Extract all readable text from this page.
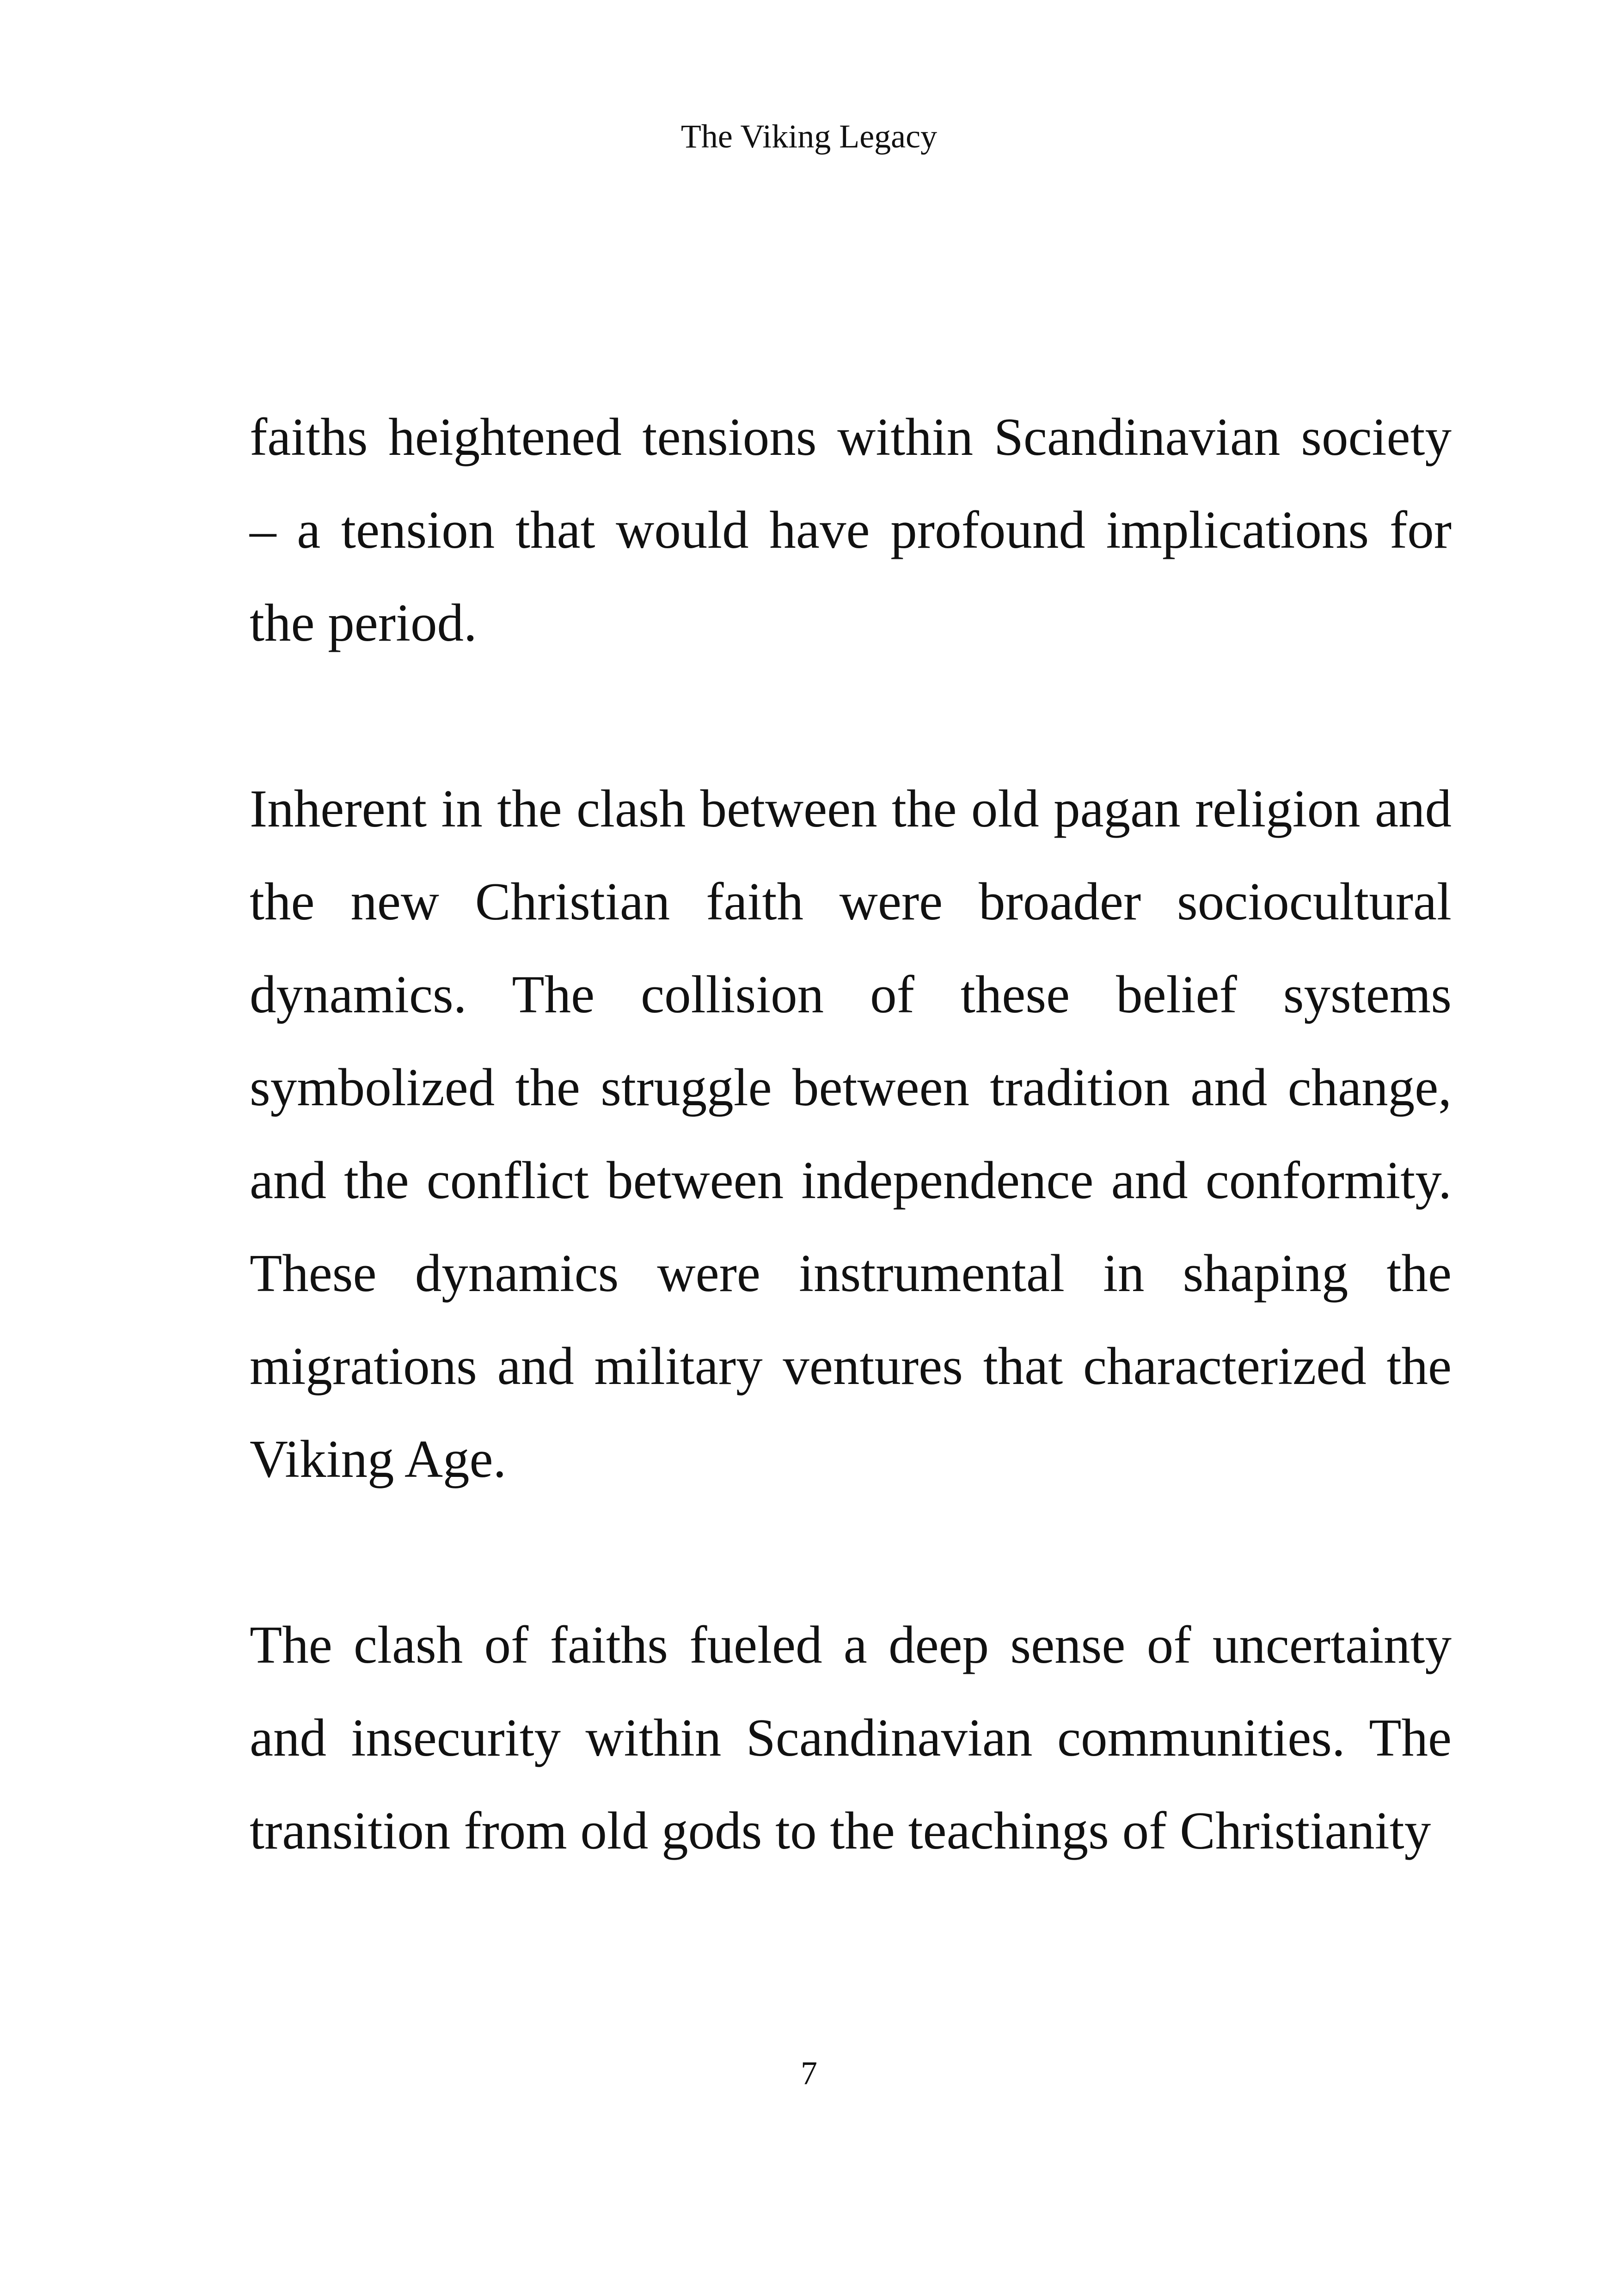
The Viking Legacy

faiths heightened tensions within Scandinavian society – a tension that would have profound implications for the period.

Inherent in the clash between the old pagan religion and the new Christian faith were broader sociocultural dynamics. The collision of these belief systems symbolized the struggle between tradition and change, and the conflict between independence and conformity. These dynamics were instrumental in shaping the migrations and military ventures that characterized the Viking Age.

The clash of faiths fueled a deep sense of uncertainty and insecurity within Scandinavian communities. The transition from old gods to the teachings of Christianity

7
